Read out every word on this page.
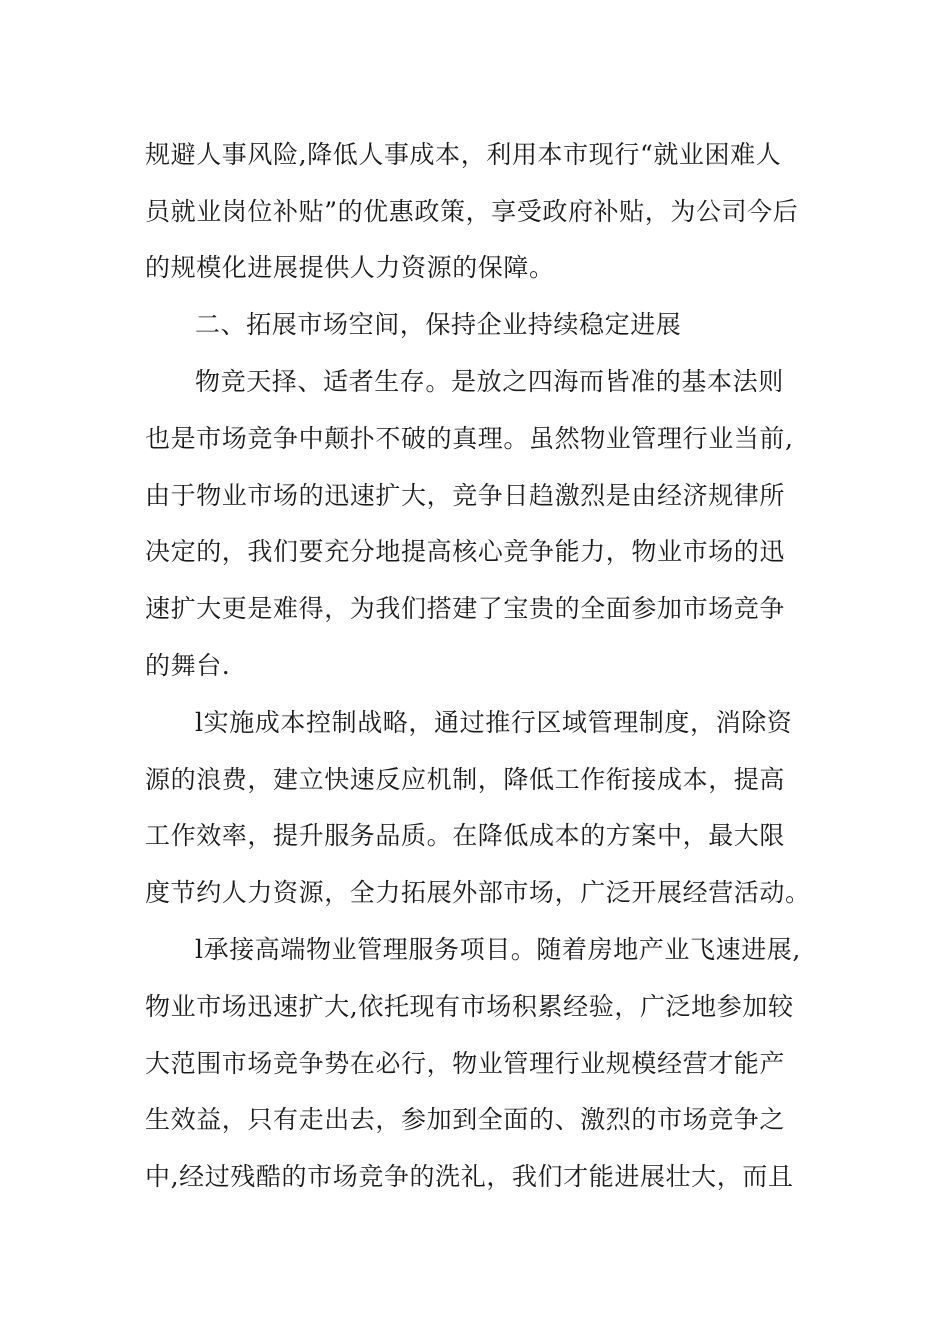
规避人事风险,降低人事成本，利用本市现行“就业困难人
员就业岗位补贴”的优惠政策，享受政府补贴，为公司今后
的规模化进展提供人力资源的保障。
二、拓展市场空间，保持企业持续稳定进展
物竞天择、适者生存。是放之四海而皆准的基本法则
也是市场竞争中颠扑不破的真理。虽然物业管理行业当前,
由于物业市场的迅速扩大，竞争日趋激烈是由经济规律所
决定的，我们要充分地提高核心竞争能力，物业市场的迅
速扩大更是难得，为我们搭建了宝贵的全面参加市场竞争
的舞台.
l实施成本控制战略，通过推行区域管理制度，消除资
源的浪费，建立快速反应机制，降低工作衔接成本，提高
工作效率，提升服务品质。在降低成本的方案中，最大限
度节约人力资源，全力拓展外部市场，广泛开展经营活动。
l承接高端物业管理服务项目。随着房地产业飞速进展,
物业市场迅速扩大,依托现有市场积累经验，广泛地参加较
大范围市场竞争势在必行，物业管理行业规模经营才能产
生效益，只有走出去，参加到全面的、激烈的市场竞争之
中,经过残酷的市场竞争的洗礼，我们才能进展壮大，而且
